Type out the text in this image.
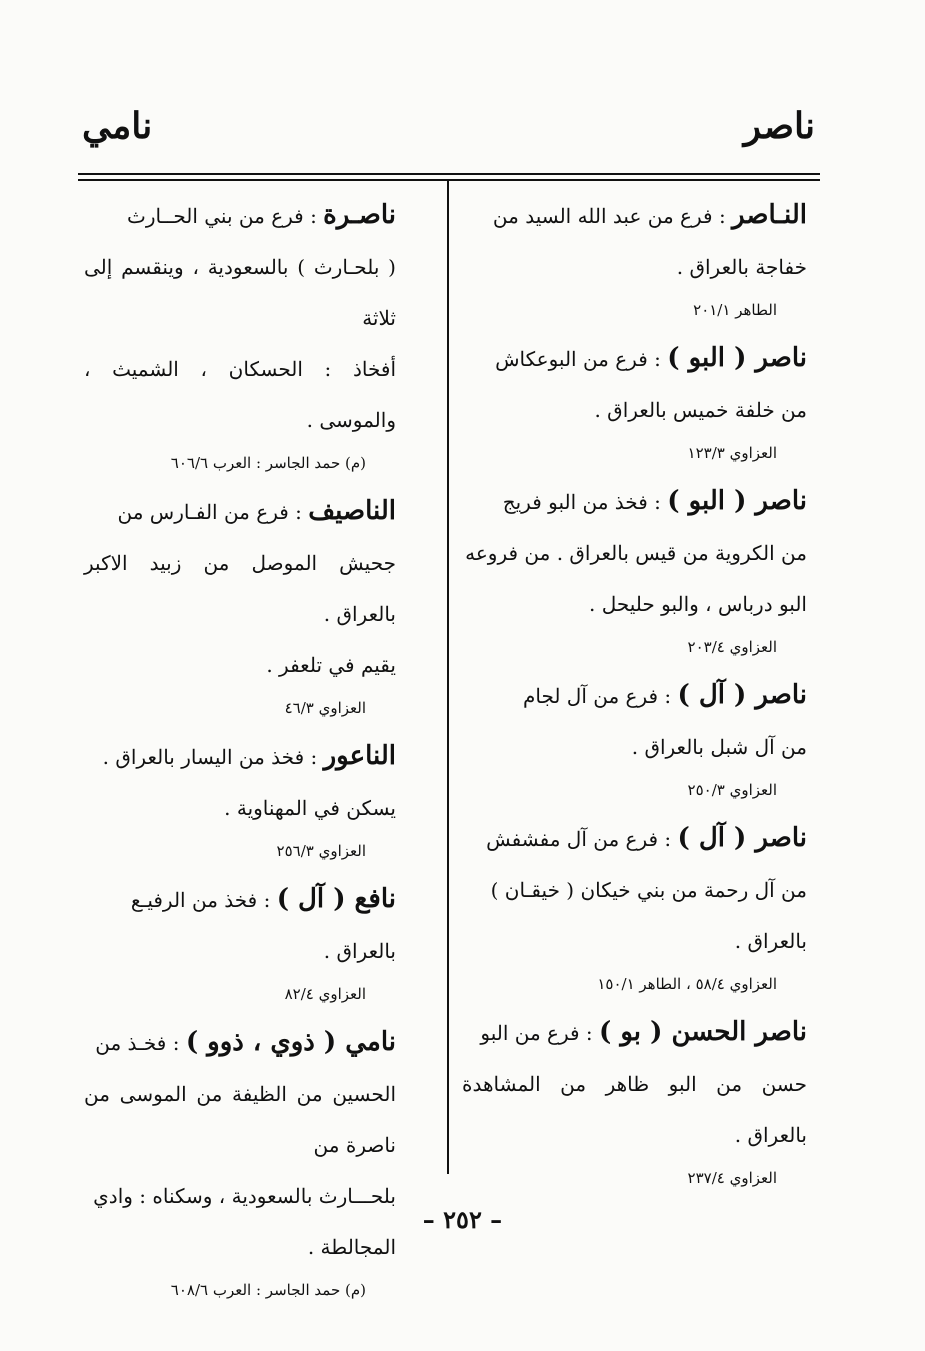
ناصر
نامي

النـاصر : فرع من عبد الله السيد من

خفاجة بالعراق .

الطاهر ٢٠١/١

ناصر ( البو ) : فرع من البوعكاش

من خلفة خميس بالعراق .

العزاوي ١٢٣/٣

ناصر ( البو ) : فخذ من البو فريج

من الكروية من قيس بالعراق . من فروعه

البو درباس ، والبو حليحل .

العزاوي ٢٠٣/٤

ناصر ( آل ) : فرع من آل لجام

من آل شبل بالعراق .

العزاوي ٢٥٠/٣

ناصر ( آل ) : فرع من آل مفشفش

من آل رحمة من بني خيكان ( خيقـان )

بالعراق .

العزاوي ٥٨/٤ ، الطاهر ١٥٠/١

ناصر الحسن ( بو ) : فرع من البو

حسن من البو ظاهر من المشاهدة بالعراق .

العزاوي ٢٣٧/٤

ناصـرة : فرع من بني الحــارث

( بلحـارث ) بالسعودية ، وينقسم إلى ثلاثة

أفخاذ : الحسكان ، الشميث ، والموسى .

(م) حمد الجاسر : العرب ٦٠٦/٦

الناصيف : فرع من الفـارس من

جحيش الموصل من زبيد الاكبر بالعراق .

يقيم في تلعفر .

العزاوي ٤٦/٣

الناعور : فخذ من اليسار بالعراق .

يسكن في المهناوية .

العزاوي ٢٥٦/٣

نافع ( آل ) : فخذ من الرفيـع

بالعراق .

العزاوي ٨٢/٤

نامي ( ذوي ، ذوو ) : فخـذ من

الحسين من الظيفة من الموسى من ناصرة من

بلحـــارث بالسعودية ، وسكناه : وادي

المجالطة .

(م) حمد الجاسر : العرب ٦٠٨/٦

– ٢٥٢ –
